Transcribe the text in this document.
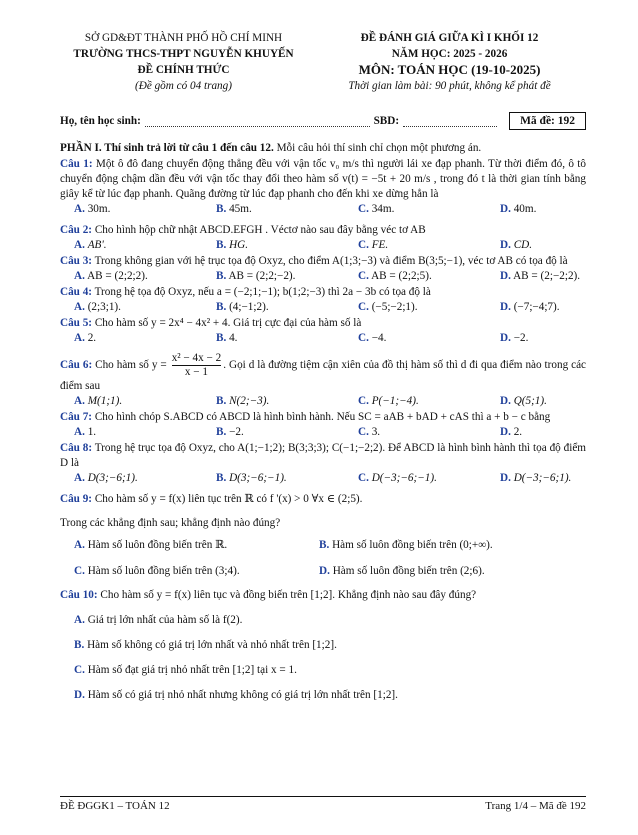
SỞ GD&ĐT THÀNH PHỐ HỒ CHÍ MINH
TRƯỜNG THCS-THPT NGUYỄN KHUYẾN
ĐỀ CHÍNH THỨC
(Đề gồm có 04 trang)
ĐỀ ĐÁNH GIÁ GIỮA KÌ I KHỐI 12
NĂM HỌC: 2025 - 2026
MÔN: TOÁN HỌC (19-10-2025)
Thời gian làm bài: 90 phút, không kể phát đề
Họ, tên học sinh:	SBD:	Mã đề: 192
PHẦN I. Thí sinh trả lời từ câu 1 đến câu 12. Mỗi câu hỏi thí sinh chỉ chọn một phương án.
Câu 1: Một ô đô đang chuyển động thẳng đều với vận tốc v₀ m/s thì người lái xe đạp phanh. Từ thời điểm đó, ô tô chuyển động chậm dần đều với vận tốc thay đổi theo hàm số v(t) = −5t + 20 m/s , trong đó t là thời gian tính bằng giây kể từ lúc đạp phanh. Quãng đường từ lúc đạp phanh cho đến khi xe dừng hẳn là
A. 30m.	B. 45m.	C. 34m.	D. 40m.
Câu 2: Cho hình hộp chữ nhật ABCD.EFGH . Véctơ nào sau đây bằng véc tơ AB
A. AB'.	B. HG.	C. FE.	D. CD.
Câu 3: Trong không gian với hệ trục tọa độ Oxyz, cho điểm A(1;3;−3) và điểm B(3;5;−1), véc tơ AB có tọa độ là
A. AB = (2;2;2).	B. AB = (2;2;−2).	C. AB = (2;2;5).	D. AB = (2;−2;2).
Câu 4: Trong hệ tọa độ Oxyz, nếu a = (−2;1;−1); b(1;2;−3) thì 2a − 3b có tọa độ là
A. (2;3;1).	B. (4;−1;2).	C. (−5;−2;1).	D. (−7;−4;7).
Câu 5: Cho hàm số y = 2x⁴ − 4x² + 4. Giá trị cực đại của hàm số là
A. 2.	B. 4.	C. −4.	D. −2.
Câu 6: Cho hàm số $y = \frac{\text{x² − 4x − 2}}{x - 1}$ . Gọi d là đường tiệm cận xiên của đồ thị hàm số thì d đi qua điểm nào trong các điểm sau
A. M(1;1).	B. N(2;−3).	C. P(−1;−4).	D. Q(5;1).
Câu 7: Cho hình chóp S.ABCD có ABCD là hình bình hành. Nếu SC = aAB + bAD + cAS thì a + b − c bằng
A. 1.	B. −2.	C. 3.	D. 2.
Câu 8: Trong hệ trục tọa độ Oxyz, cho A(1;−1;2); B(3;3;3); C(−1;−2;2). Để ABCD là hình bình hành thì tọa độ điểm D là
A. D(3;−6;1).	B. D(3;−6;−1).	C. D(−3;−6;−1).	D. D(−3;−6;1).
Câu 9: Cho hàm số y = f(x) liên tục trên ℝ có f '(x) > 0 ∀x ∈ (2;5).
Trong các khẳng định sau; khẳng định nào đúng?
A. Hàm số luôn đồng biến trên ℝ.	B. Hàm số luôn đồng biến trên (0;+∞).
C. Hàm số luôn đồng biến trên (3;4).	D. Hàm số luôn đồng biến trên (2;6).
Câu 10: Cho hàm số y = f(x) liên tục và đồng biến trên [1;2]. Khẳng định nào sau đây đúng?
A. Giá trị lớn nhất của hàm số là f(2).
B. Hàm số không có giá trị lớn nhất và nhỏ nhất trên [1;2].
C. Hàm số đạt giá trị nhỏ nhất trên [1;2] tại x = 1.
D. Hàm số có giá trị nhỏ nhất nhưng không có giá trị lớn nhất trên [1;2].
ĐỀ ĐGGK1 – TOÁN 12	Trang 1/4 – Mã đề 192
